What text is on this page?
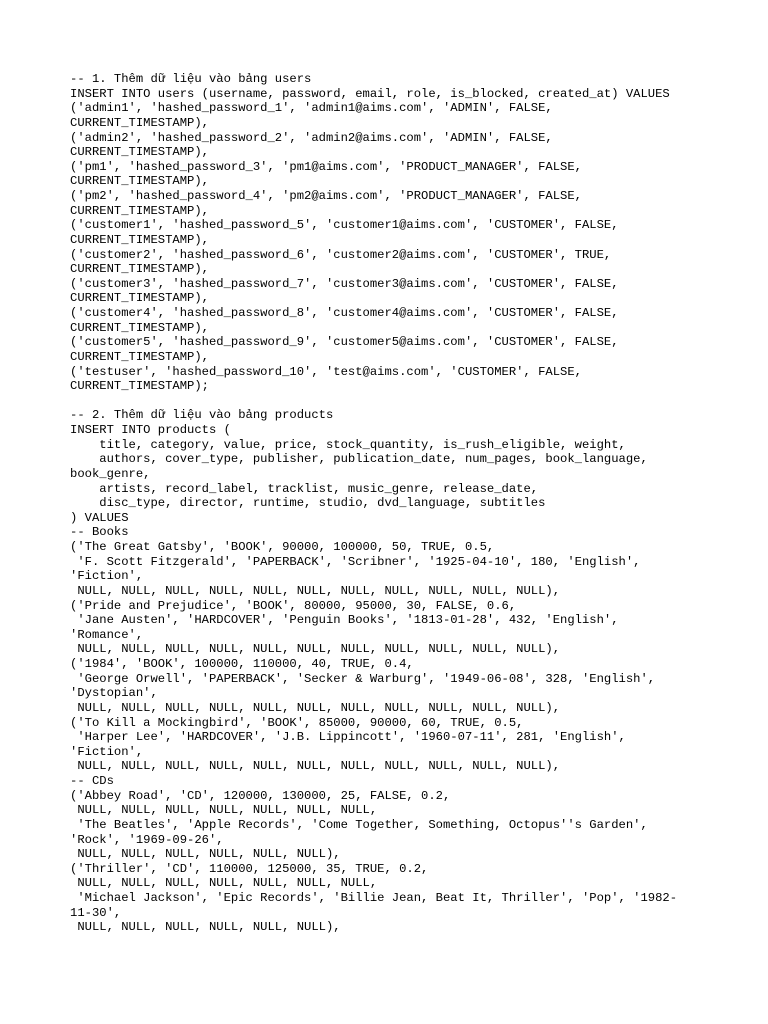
-- 1. Thêm dữ liệu vào bảng users
INSERT INTO users (username, password, email, role, is_blocked, created_at) VALUES
('admin1', 'hashed_password_1', 'admin1@aims.com', 'ADMIN', FALSE,
CURRENT_TIMESTAMP),
('admin2', 'hashed_password_2', 'admin2@aims.com', 'ADMIN', FALSE,
CURRENT_TIMESTAMP),
('pm1', 'hashed_password_3', 'pm1@aims.com', 'PRODUCT_MANAGER', FALSE,
CURRENT_TIMESTAMP),
('pm2', 'hashed_password_4', 'pm2@aims.com', 'PRODUCT_MANAGER', FALSE,
CURRENT_TIMESTAMP),
('customer1', 'hashed_password_5', 'customer1@aims.com', 'CUSTOMER', FALSE,
CURRENT_TIMESTAMP),
('customer2', 'hashed_password_6', 'customer2@aims.com', 'CUSTOMER', TRUE,
CURRENT_TIMESTAMP),
('customer3', 'hashed_password_7', 'customer3@aims.com', 'CUSTOMER', FALSE,
CURRENT_TIMESTAMP),
('customer4', 'hashed_password_8', 'customer4@aims.com', 'CUSTOMER', FALSE,
CURRENT_TIMESTAMP),
('customer5', 'hashed_password_9', 'customer5@aims.com', 'CUSTOMER', FALSE,
CURRENT_TIMESTAMP),
('testuser', 'hashed_password_10', 'test@aims.com', 'CUSTOMER', FALSE,
CURRENT_TIMESTAMP);
-- 2. Thêm dữ liệu vào bảng products
INSERT INTO products (
title, category, value, price, stock_quantity, is_rush_eligible, weight,
authors, cover_type, publisher, publication_date, num_pages, book_language,
book_genre,
artists, record_label, tracklist, music_genre, release_date,
disc_type, director, runtime, studio, dvd_language, subtitles
) VALUES
-- Books
('The Great Gatsby', 'BOOK', 90000, 100000, 50, TRUE, 0.5,
'F. Scott Fitzgerald', 'PAPERBACK', 'Scribner', '1925-04-10', 180, 'English',
'Fiction',
NULL, NULL, NULL, NULL, NULL, NULL, NULL, NULL, NULL, NULL, NULL),
('Pride and Prejudice', 'BOOK', 80000, 95000, 30, FALSE, 0.6,
'Jane Austen', 'HARDCOVER', 'Penguin Books', '1813-01-28', 432, 'English',
'Romance',
NULL, NULL, NULL, NULL, NULL, NULL, NULL, NULL, NULL, NULL, NULL),
('1984', 'BOOK', 100000, 110000, 40, TRUE, 0.4,
'George Orwell', 'PAPERBACK', 'Secker & Warburg', '1949-06-08', 328, 'English',
'Dystopian',
NULL, NULL, NULL, NULL, NULL, NULL, NULL, NULL, NULL, NULL, NULL),
('To Kill a Mockingbird', 'BOOK', 85000, 90000, 60, TRUE, 0.5,
'Harper Lee', 'HARDCOVER', 'J.B. Lippincott', '1960-07-11', 281, 'English',
'Fiction',
NULL, NULL, NULL, NULL, NULL, NULL, NULL, NULL, NULL, NULL, NULL),
-- CDs
('Abbey Road', 'CD', 120000, 130000, 25, FALSE, 0.2,
NULL, NULL, NULL, NULL, NULL, NULL, NULL,
'The Beatles', 'Apple Records', 'Come Together, Something, Octopus''s Garden',
'Rock', '1969-09-26',
NULL, NULL, NULL, NULL, NULL, NULL),
('Thriller', 'CD', 110000, 125000, 35, TRUE, 0.2,
NULL, NULL, NULL, NULL, NULL, NULL, NULL,
'Michael Jackson', 'Epic Records', 'Billie Jean, Beat It, Thriller', 'Pop', '1982-
11-30',
NULL, NULL, NULL, NULL, NULL, NULL),
